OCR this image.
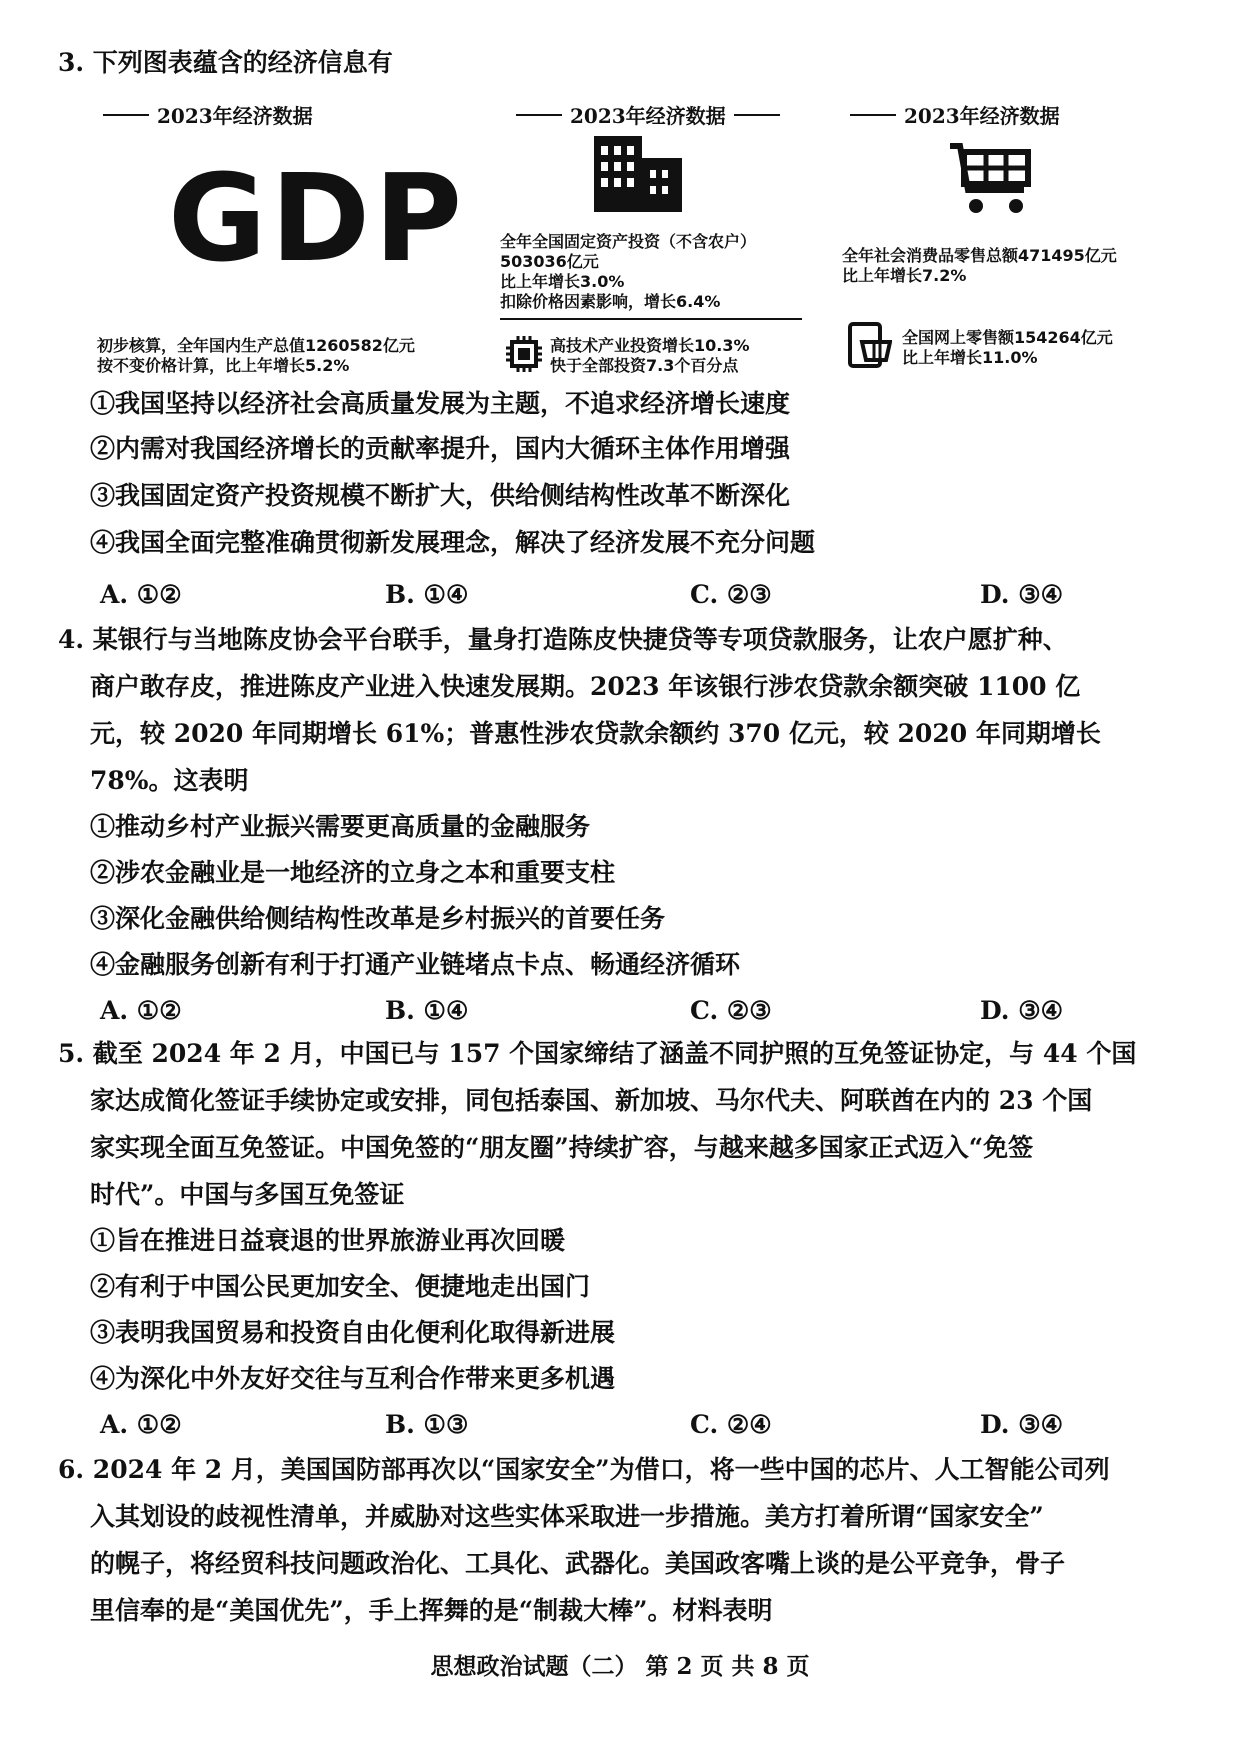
3. 下列图表蕴含的经济信息有
2023年经济数据
GDP
初步核算，全年国内生产总值1260582亿元
按不变价格计算，比上年增长5.2%
2023年经济数据
全年全国固定资产投资（不含农户）
503036亿元
比上年增长3.0%
扣除价格因素影响，增长6.4%
高技术产业投资增长10.3%
快于全部投资7.3个百分点
2023年经济数据
全年社会消费品零售总额471495亿元
比上年增长7.2%
全国网上零售额154264亿元
比上年增长11.0%
①我国坚持以经济社会高质量发展为主题，不追求经济增长速度
②内需对我国经济增长的贡献率提升，国内大循环主体作用增强
③我国固定资产投资规模不断扩大，供给侧结构性改革不断深化
④我国全面完整准确贯彻新发展理念，解决了经济发展不充分问题
A. ①②	B. ①④	C. ②③	D. ③④
4. 某银行与当地陈皮协会平台联手，量身打造陈皮快捷贷等专项贷款服务，让农户愿扩种、
商户敢存皮，推进陈皮产业进入快速发展期。2023 年该银行涉农贷款余额突破 1100 亿
元，较 2020 年同期增长 61%；普惠性涉农贷款余额约 370 亿元，较 2020 年同期增长
78%。这表明
①推动乡村产业振兴需要更高质量的金融服务
②涉农金融业是一地经济的立身之本和重要支柱
③深化金融供给侧结构性改革是乡村振兴的首要任务
④金融服务创新有利于打通产业链堵点卡点、畅通经济循环
A. ①②	B. ①④	C. ②③	D. ③④
5. 截至 2024 年 2 月，中国已与 157 个国家缔结了涵盖不同护照的互免签证协定，与 44 个国
家达成简化签证手续协定或安排，同包括泰国、新加坡、马尔代夫、阿联酋在内的 23 个国
家实现全面互免签证。中国免签的“朋友圈”持续扩容，与越来越多国家正式迈入“免签
时代”。中国与多国互免签证
①旨在推进日益衰退的世界旅游业再次回暖
②有利于中国公民更加安全、便捷地走出国门
③表明我国贸易和投资自由化便利化取得新进展
④为深化中外友好交往与互利合作带来更多机遇
A. ①②	B. ①③	C. ②④	D. ③④
6. 2024 年 2 月，美国国防部再次以“国家安全”为借口，将一些中国的芯片、人工智能公司列
入其划设的歧视性清单，并威胁对这些实体采取进一步措施。美方打着所谓“国家安全”
的幌子，将经贸科技问题政治化、工具化、武器化。美国政客嘴上谈的是公平竞争，骨子
里信奉的是“美国优先”，手上挥舞的是“制裁大棒”。材料表明
思想政治试题（二） 第 2 页 共 8 页
